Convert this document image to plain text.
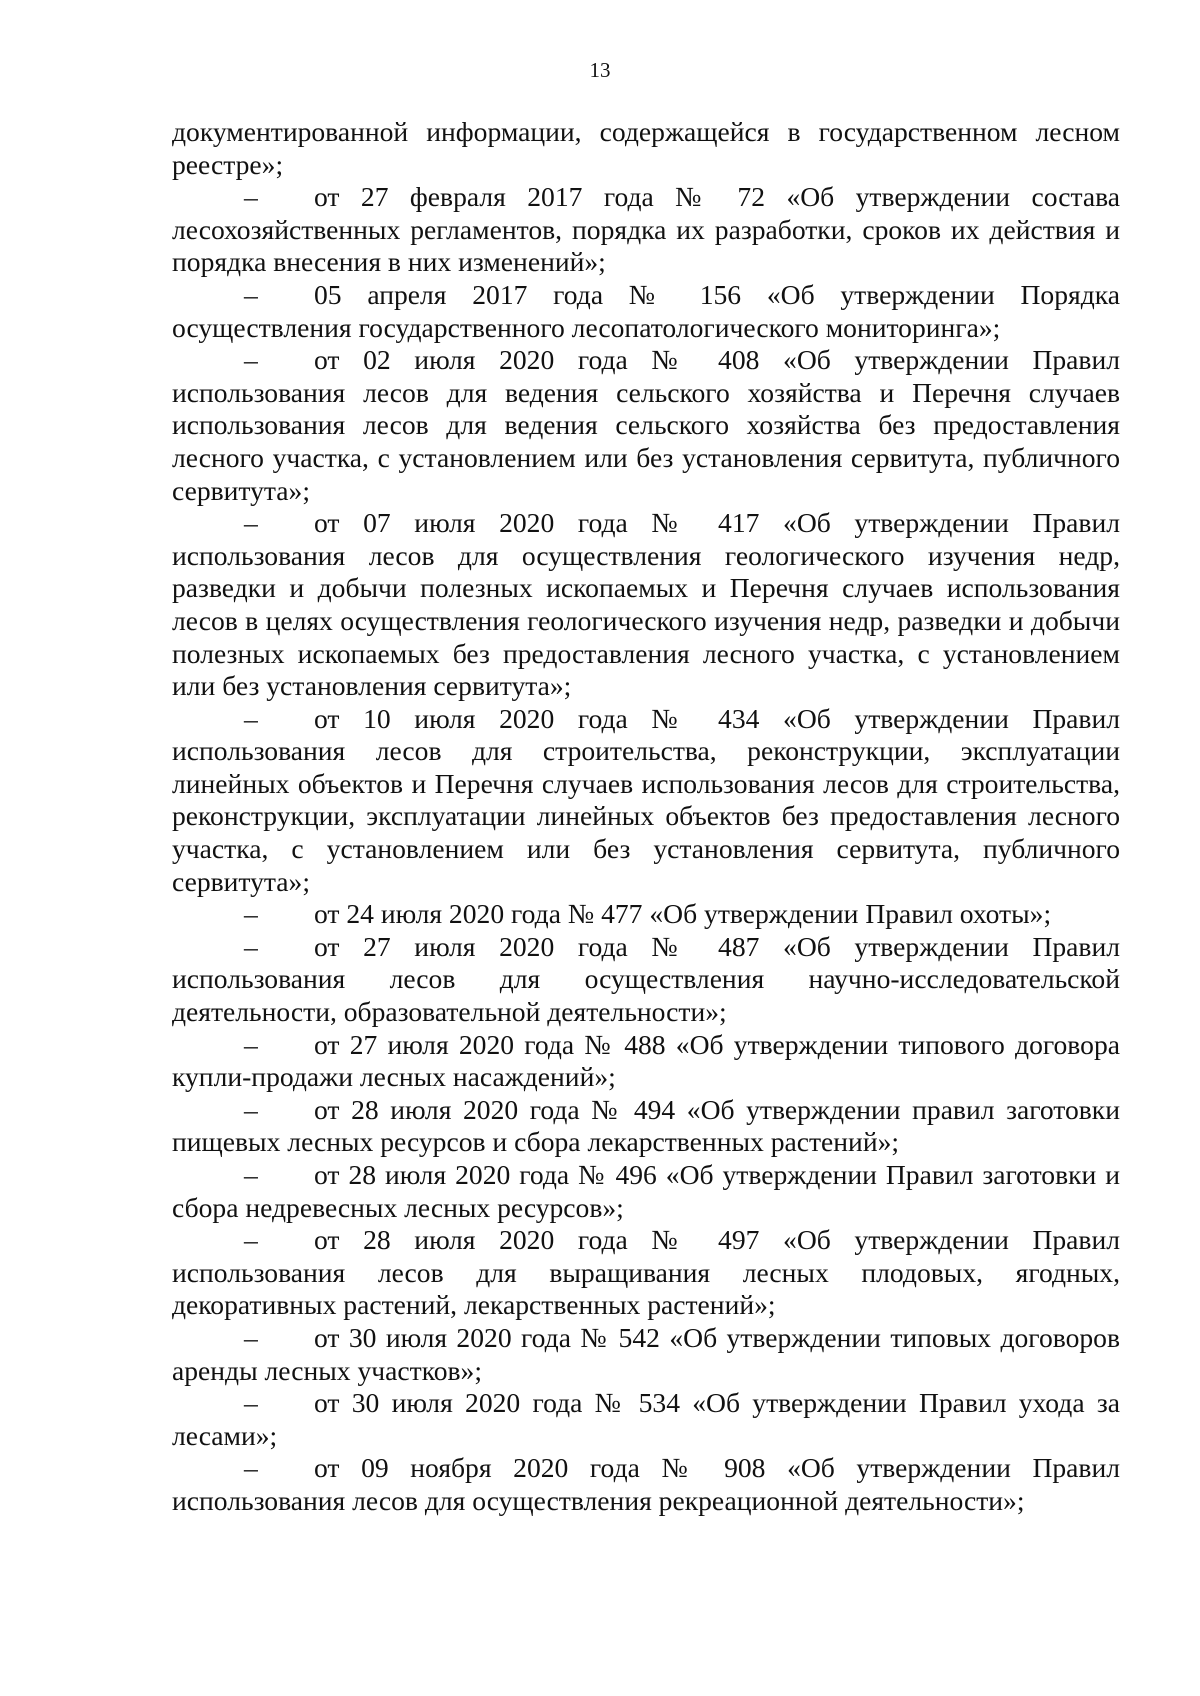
13

документированной информации, содержащейся в государственном лесном реестре»;

– от 27 февраля 2017 года № 72 «Об утверждении состава лесохозяйственных регламентов, порядка их разработки, сроков их действия и порядка внесения в них изменений»;

– 05 апреля 2017 года № 156 «Об утверждении Порядка осуществления государственного лесопатологического мониторинга»;

– от 02 июля 2020 года № 408 «Об утверждении Правил использования лесов для ведения сельского хозяйства и Перечня случаев использования лесов для ведения сельского хозяйства без предоставления лесного участка, с установлением или без установления сервитута, публичного сервитута»;

– от 07 июля 2020 года № 417 «Об утверждении Правил использования лесов для осуществления геологического изучения недр, разведки и добычи полезных ископаемых и Перечня случаев использования лесов в целях осуществления геологического изучения недр, разведки и добычи полезных ископаемых без предоставления лесного участка, с установлением или без установления сервитута»;

– от 10 июля 2020 года № 434 «Об утверждении Правил использования лесов для строительства, реконструкции, эксплуатации линейных объектов и Перечня случаев использования лесов для строительства, реконструкции, эксплуатации линейных объектов без предоставления лесного участка, с установлением или без установления сервитута, публичного сервитута»;

– от 24 июля 2020 года № 477 «Об утверждении Правил охоты»;

– от 27 июля 2020 года № 487 «Об утверждении Правил использования лесов для осуществления научно-исследовательской деятельности, образовательной деятельности»;

– от 27 июля 2020 года № 488 «Об утверждении типового договора купли-продажи лесных насаждений»;

– от 28 июля 2020 года № 494 «Об утверждении правил заготовки пищевых лесных ресурсов и сбора лекарственных растений»;

– от 28 июля 2020 года № 496 «Об утверждении Правил заготовки и сбора недревесных лесных ресурсов»;

– от 28 июля 2020 года № 497 «Об утверждении Правил использования лесов для выращивания лесных плодовых, ягодных, декоративных растений, лекарственных растений»;

– от 30 июля 2020 года № 542 «Об утверждении типовых договоров аренды лесных участков»;

– от 30 июля 2020 года № 534 «Об утверждении Правил ухода за лесами»;

– от 09 ноября 2020 года № 908 «Об утверждении Правил использования лесов для осуществления рекреационной деятельности»;
